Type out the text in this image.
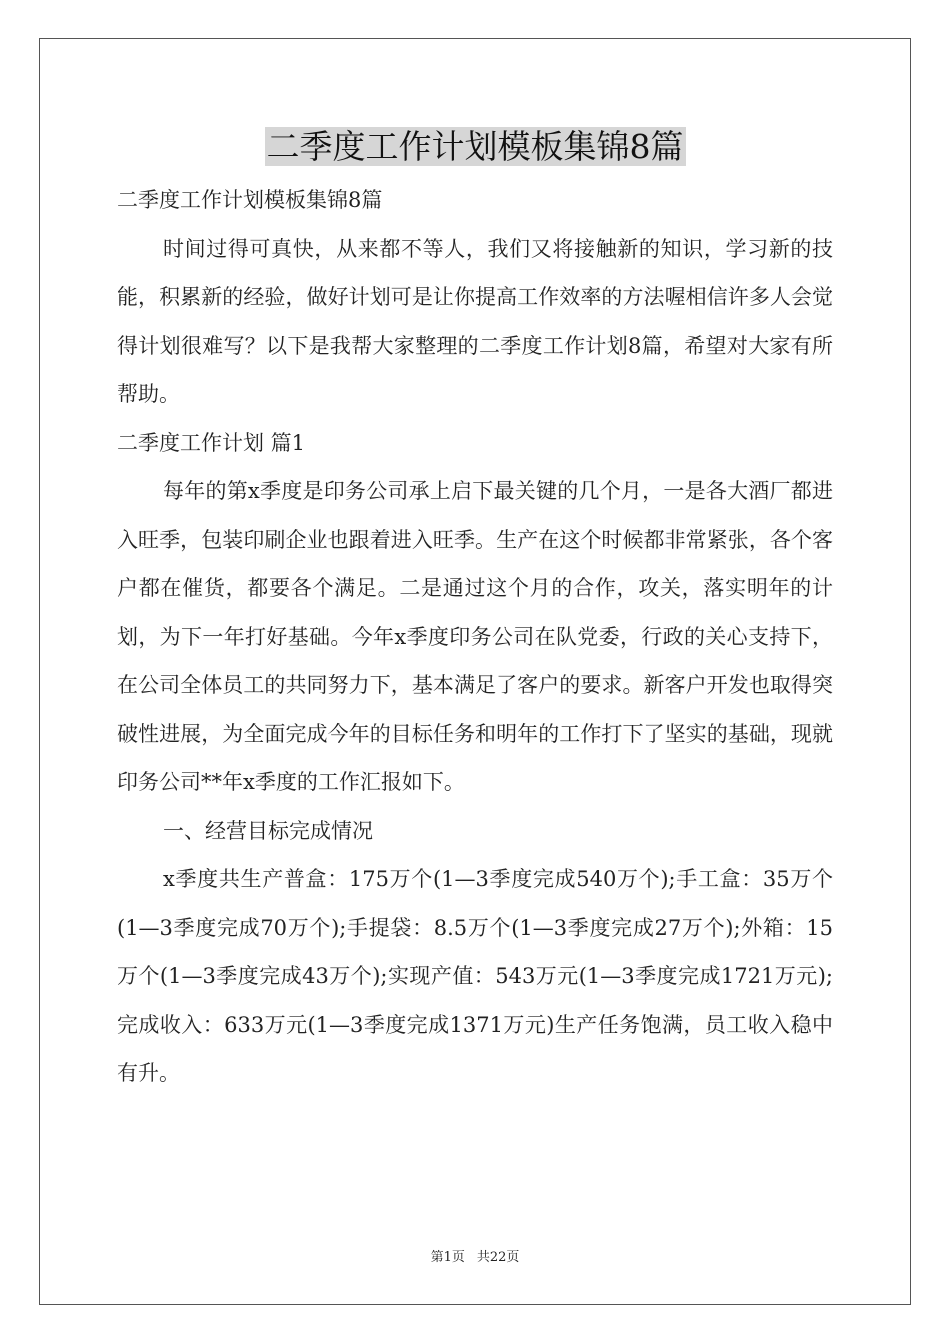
二季度工作计划模板集锦8篇

二季度工作计划模板集锦8篇

时间过得可真快，从来都不等人，我们又将接触新的知识，学习新的技能，积累新的经验，做好计划可是让你提高工作效率的方法喔相信许多人会觉得计划很难写？以下是我帮大家整理的二季度工作计划8篇，希望对大家有所帮助。

二季度工作计划 篇1

每年的第x季度是印务公司承上启下最关键的几个月，一是各大酒厂都进入旺季，包装印刷企业也跟着进入旺季。生产在这个时候都非常紧张，各个客户都在催货，都要各个满足。二是通过这个月的合作，攻关，落实明年的计划，为下一年打好基础。今年x季度印务公司在队党委，行政的关心支持下，在公司全体员工的共同努力下，基本满足了客户的要求。新客户开发也取得突破性进展，为全面完成今年的目标任务和明年的工作打下了坚实的基础，现就印务公司**年x季度的工作汇报如下。

一、经营目标完成情况

x季度共生产普盒：175万个(1—3季度完成540万个);手工盒：35万个(1—3季度完成70万个);手提袋：8.5万个(1—3季度完成27万个);外箱：15万个(1—3季度完成43万个);实现产值：543万元(1—3季度完成1721万元);完成收入：633万元(1—3季度完成1371万元)生产任务饱满，员工收入稳中有升。

第1页 共22页
